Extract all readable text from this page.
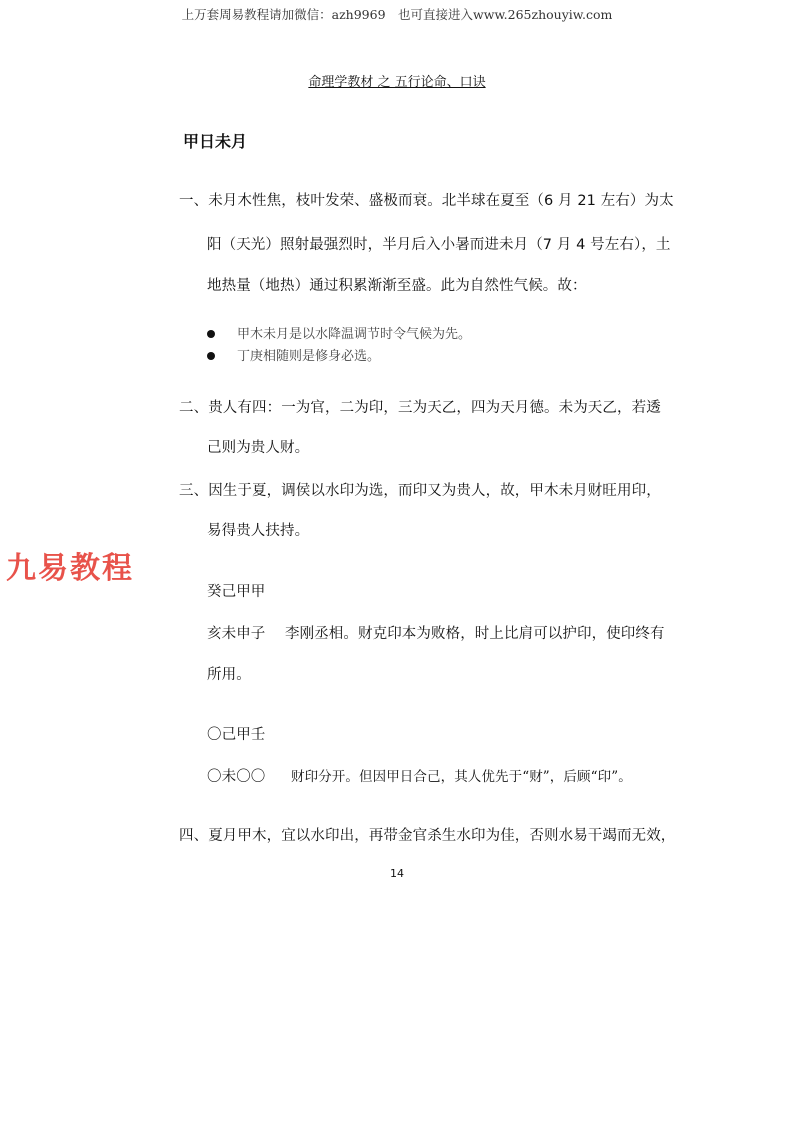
上万套周易教程请加微信：azh9969　也可直接进入www.265zhouyiw.com
命理学教材 之 五行论命、口诀
甲日未月
一、未月木性焦，枝叶发荣、盛极而衰。北半球在夏至（6 月 21 左右）为太
阳（天光）照射最强烈时，半月后入小暑而进未月（7 月 4 号左右），土
地热量（地热）通过积累渐渐至盛。此为自然性气候。故：
甲木未月是以水降温调节时令气候为先。
丁庚相随则是修身必选。
二、贵人有四：一为官，二为印，三为天乙，四为天月德。未为天乙，若透
己则为贵人财。
三、因生于夏，调侯以水印为选，而印又为贵人，故，甲木未月财旺用印，
易得贵人扶持。
九易教程
癸己甲甲
亥未申子 李刚丞相。财克印本为败格，时上比肩可以护印，使印终有
所用。
〇己甲壬
〇未〇〇 财印分开。但因甲日合己，其人优先于“财”，后顾“印”。
四、夏月甲木，宜以水印出，再带金官杀生水印为佳，否则水易干竭而无效，
14
